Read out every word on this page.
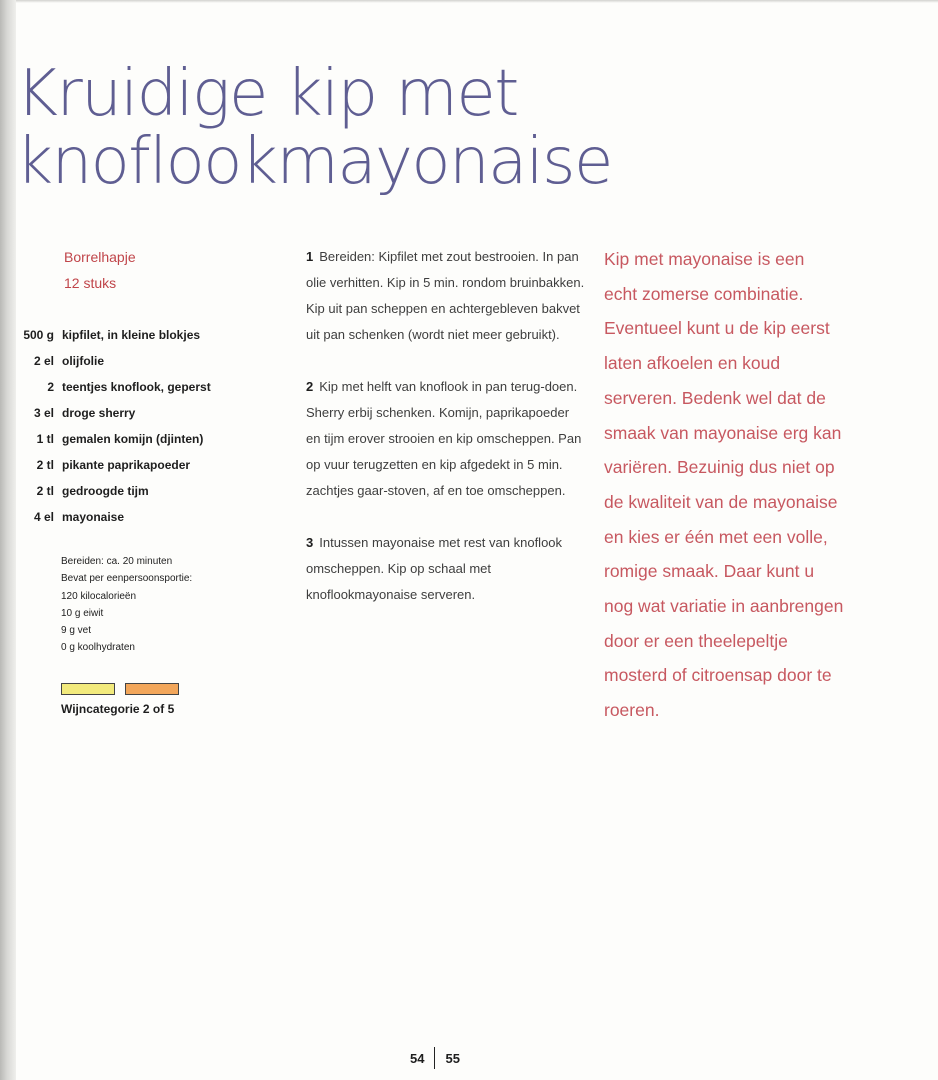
Kruidige kip met
knoflookmayonaise
Borrelhapje
12 stuks
500 g kipfilet, in kleine blokjes
2 el olijfolie
2 teentjes knoflook, geperst
3 el droge sherry
1 tl gemalen komijn (djinten)
2 tl pikante paprikapoeder
2 tl gedroogde tijm
4 el mayonaise
Bereiden: ca. 20 minuten
Bevat per eenpersoonsportie:
120 kilocalorieën
10 g eiwit
9 g vet
0 g koolhydraten
Wijncategorie 2 of 5

1 Bereiden: Kipfilet met zout bestrooien. In pan olie verhitten. Kip in 5 min. rondom bruinbakken. Kip uit pan scheppen en achtergebleven bakvet uit pan schenken (wordt niet meer gebruikt).

2 Kip met helft van knoflook in pan terug-doen. Sherry erbij schenken. Komijn, paprikapoeder en tijm erover strooien en kip omscheppen. Pan op vuur terugzetten en kip afgedekt in 5 min. zachtjes gaar-stoven, af en toe omscheppen.

3 Intussen mayonaise met rest van knoflook omscheppen. Kip op schaal met knoflookmayonaise serveren.

Kip met mayonaise is een
echt zomerse combinatie.
Eventueel kunt u de kip eerst
laten afkoelen en koud
serveren. Bedenk wel dat de
smaak van mayonaise erg kan
variëren. Bezuinig dus niet op
de kwaliteit van de mayonaise
en kies er één met een volle,
romige smaak. Daar kunt u
nog wat variatie in aanbrengen
door er een theelepeltje
mosterd of citroensap door te
roeren.
54 55
